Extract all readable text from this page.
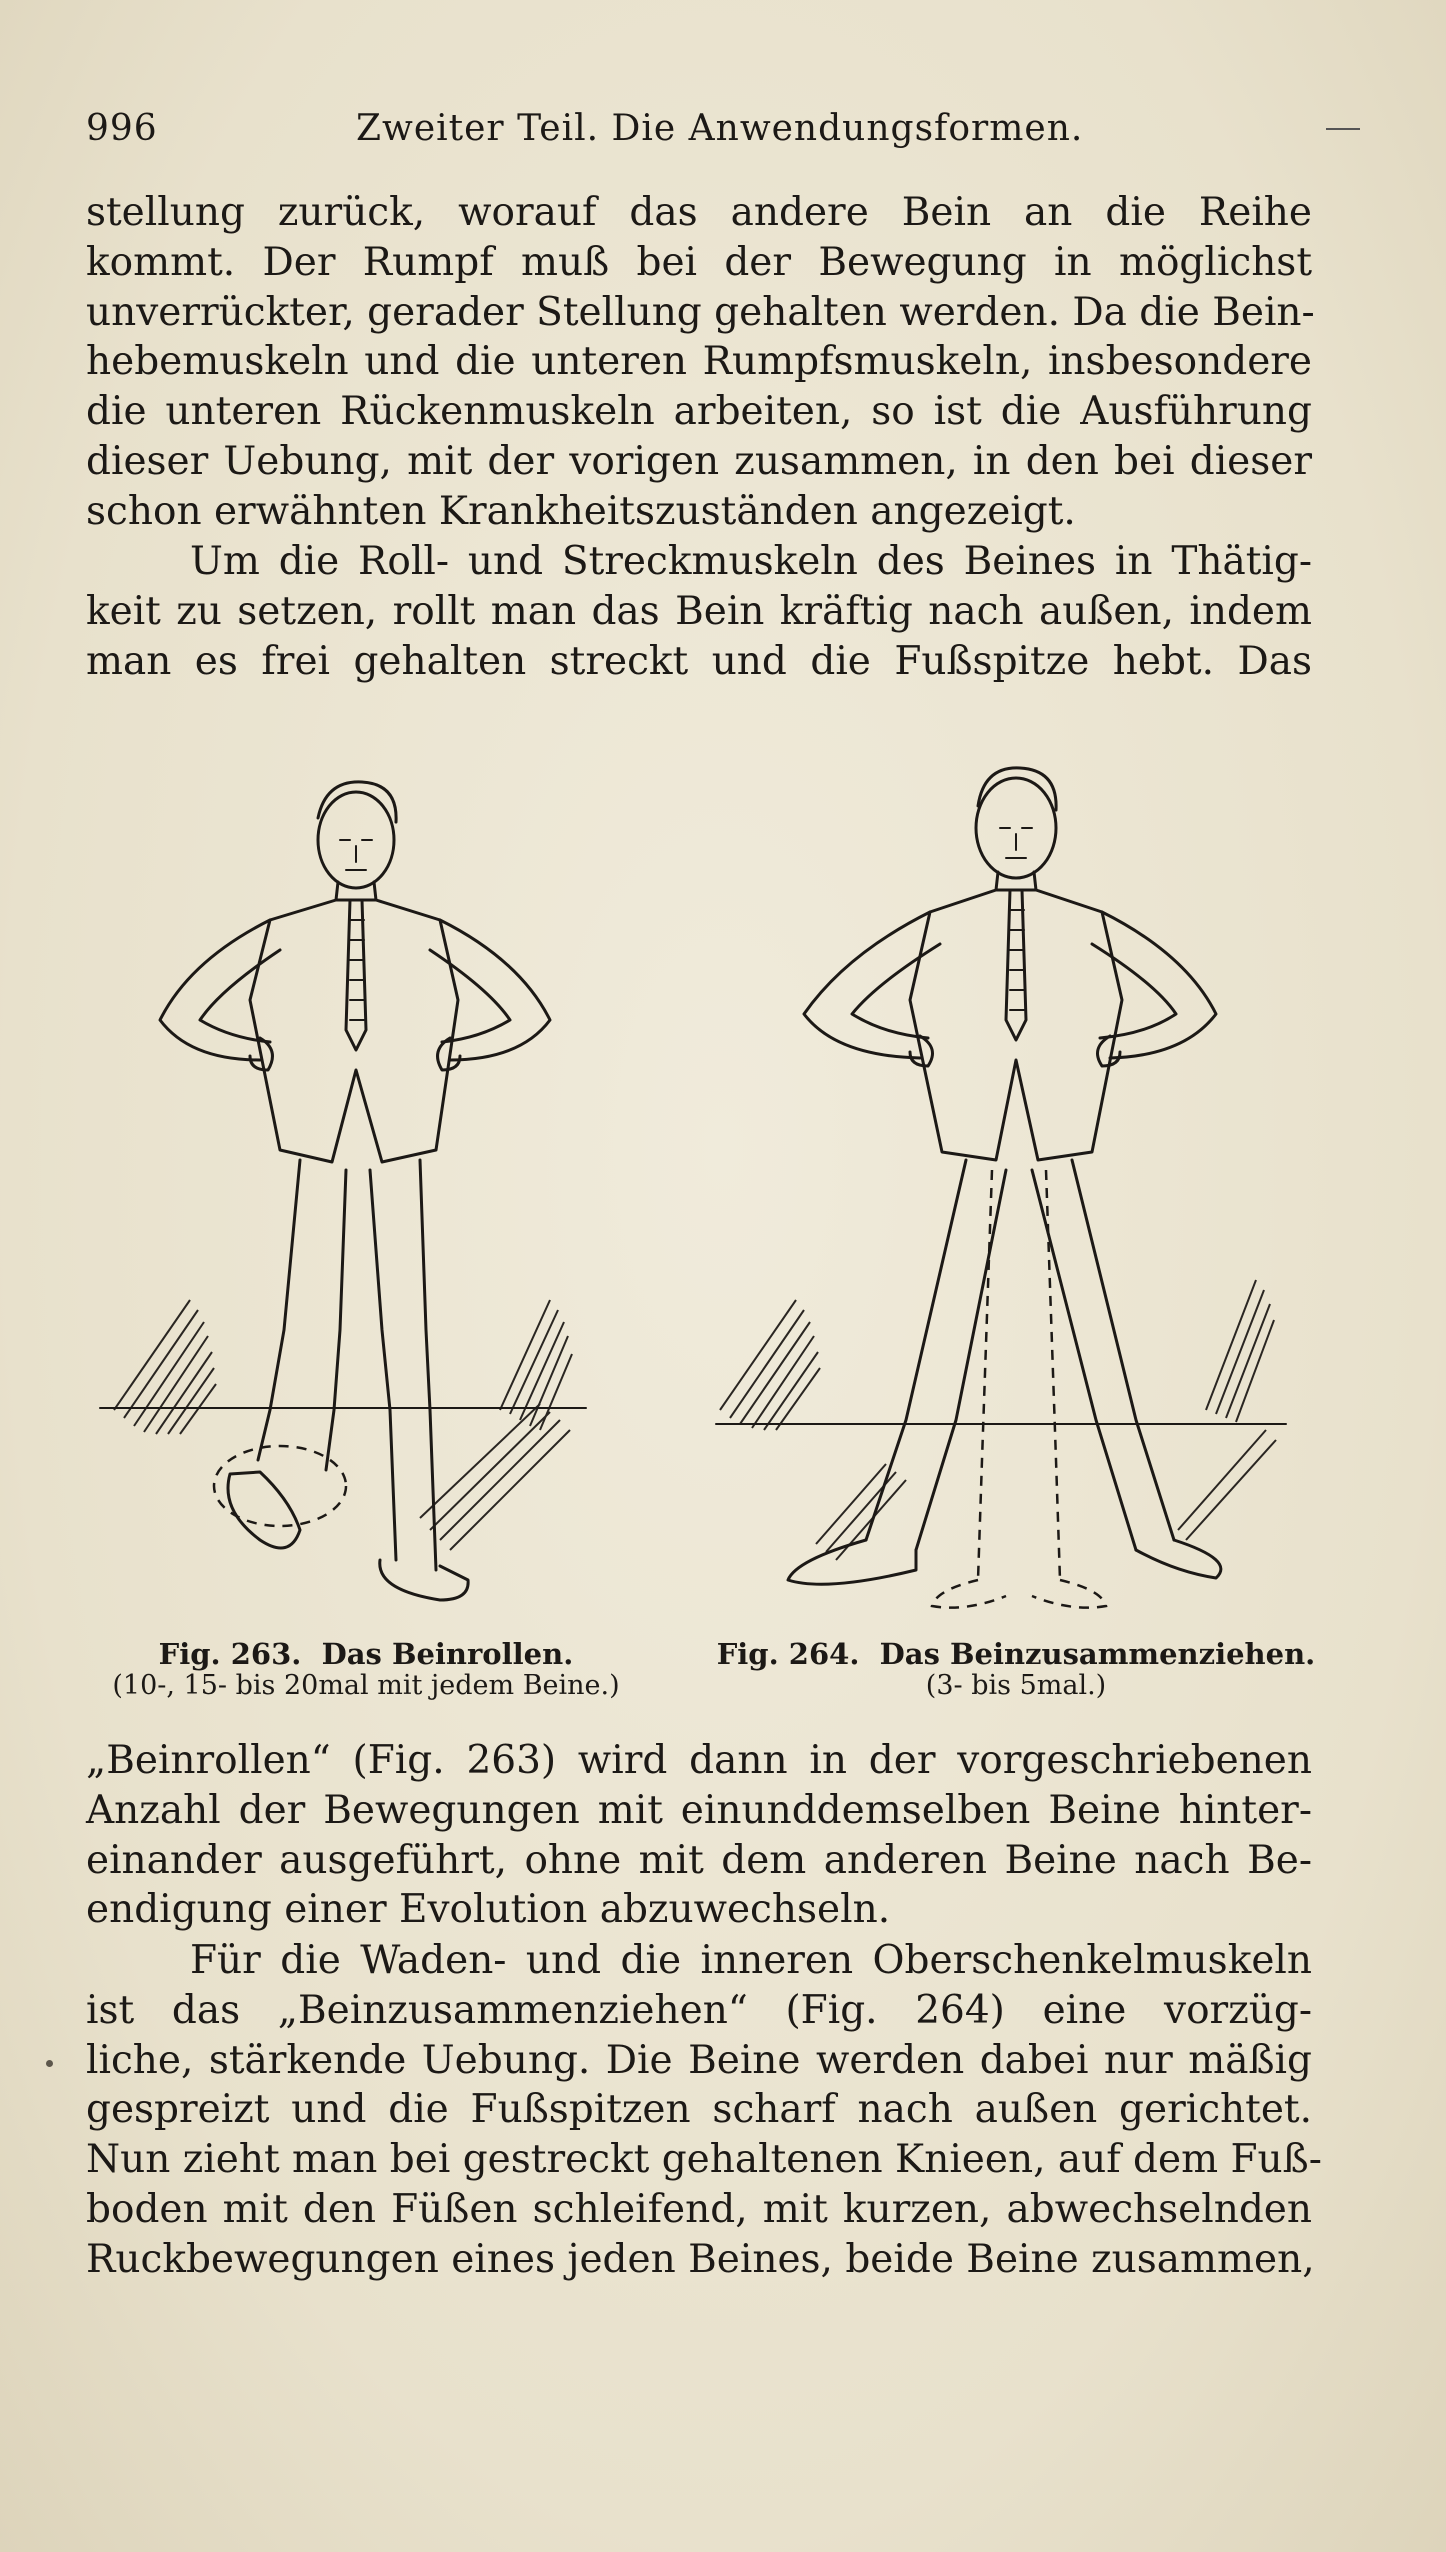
996	Zweiter Teil. Die Anwendungsformen.
stellung zurück, worauf das andere Bein an die Reihe
kommt. Der Rumpf muß bei der Bewegung in möglichst
unverrückter, gerader Stellung gehalten werden. Da die Bein-
hebemuskeln und die unteren Rumpfsmuskeln, insbesondere
die unteren Rückenmuskeln arbeiten, so ist die Ausführung
dieser Uebung, mit der vorigen zusammen, in den bei dieser
schon erwähnten Krankheitszuständen angezeigt.
Um die Roll- und Streckmuskeln des Beines in Thätig-
keit zu setzen, rollt man das Bein kräftig nach außen, indem
man es frei gehalten streckt und die Fußspitze hebt. Das
Fig. 263. Das Beinrollen.
(10-, 15- bis 20mal mit jedem Beine.)
Fig. 264. Das Beinzusammenziehen.
(3- bis 5mal.)
„Beinrollen“ (Fig. 263) wird dann in der vorgeschriebenen
Anzahl der Bewegungen mit einunddemselben Beine hinter-
einander ausgeführt, ohne mit dem anderen Beine nach Be-
endigung einer Evolution abzuwechseln.
Für die Waden- und die inneren Oberschenkelmuskeln
ist das „Beinzusammenziehen“ (Fig. 264) eine vorzüg-
liche, stärkende Uebung. Die Beine werden dabei nur mäßig
gespreizt und die Fußspitzen scharf nach außen gerichtet.
Nun zieht man bei gestreckt gehaltenen Knieen, auf dem Fuß-
boden mit den Füßen schleifend, mit kurzen, abwechselnden
Ruckbewegungen eines jeden Beines, beide Beine zusammen,
